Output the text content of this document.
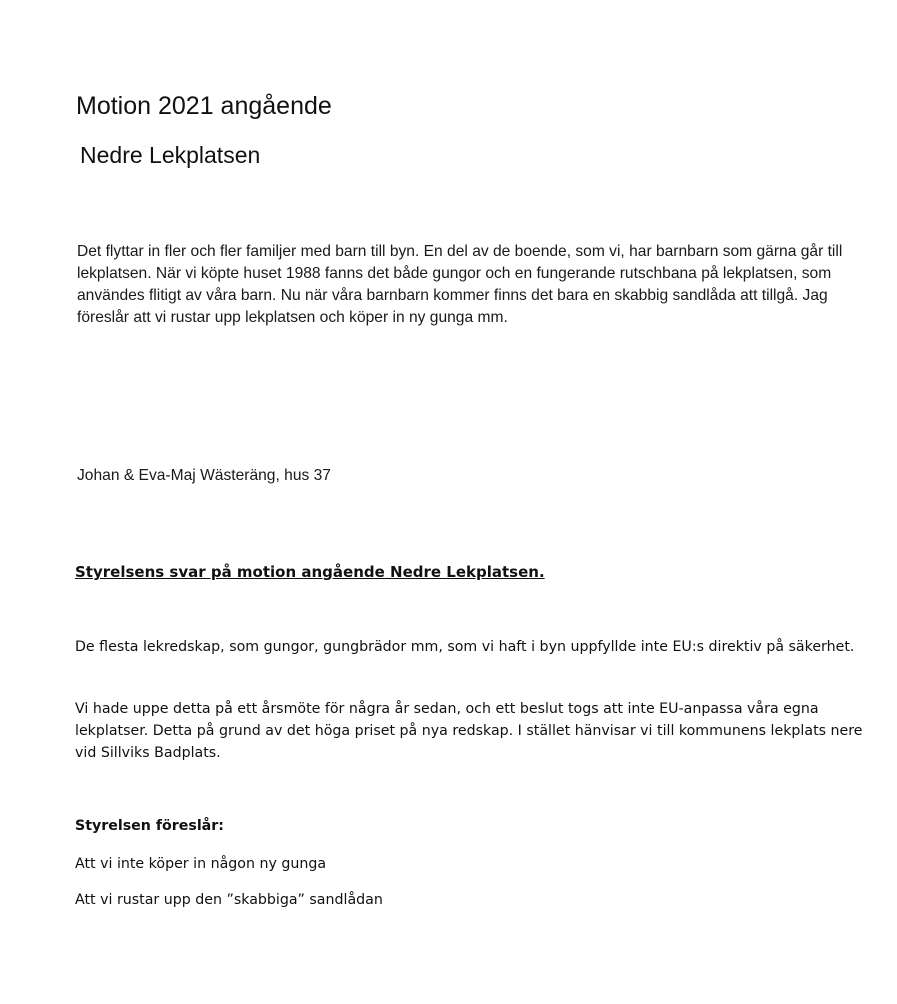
Motion 2021 angående
Nedre Lekplatsen
Det flyttar in fler och fler familjer med barn till byn. En del av de boende, som vi, har barnbarn som gärna går till lekplatsen. När vi köpte huset 1988 fanns det både gungor och en fungerande rutschbana på lekplatsen, som användes flitigt av våra barn. Nu när våra barnbarn kommer finns det bara en skabbig sandlåda att tillgå. Jag föreslår att vi rustar upp lekplatsen och köper in ny gunga mm.
Johan & Eva-Maj Wästeräng, hus 37
Styrelsens svar på motion angående Nedre Lekplatsen.
De flesta lekredskap, som gungor, gungbrädor mm, som vi haft i byn uppfyllde inte EU:s direktiv på säkerhet.
Vi hade uppe detta på ett årsmöte för några år sedan, och ett beslut togs att inte EU-anpassa våra egna lekplatser. Detta på grund av det höga priset på nya redskap. I stället hänvisar vi till kommunens lekplats nere vid Sillviks Badplats.
Styrelsen föreslår:
Att vi inte köper in någon ny gunga
Att vi rustar upp den ”skabbiga” sandlådan
